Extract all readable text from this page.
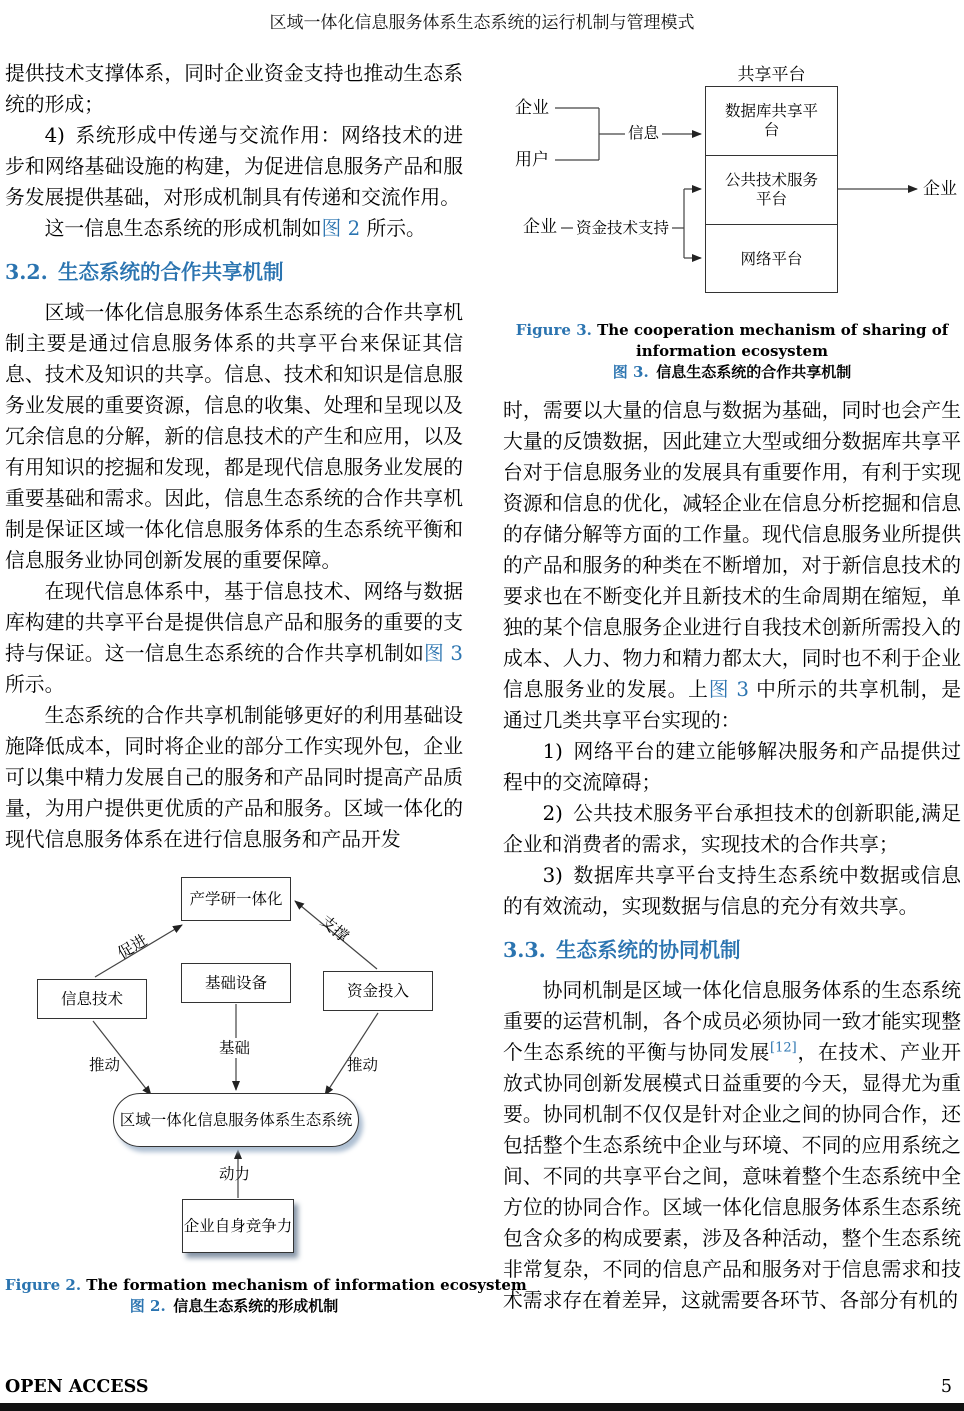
区域一体化信息服务体系生态系统的运行机制与管理模式

提供技术支撑体系，同时企业资金支持也推动生态系统的形成；

4) 系统形成中传递与交流作用：网络技术的进步和网络基础设施的构建，为促进信息服务产品和服务发展提供基础，对形成机制具有传递和交流作用。

这一信息生态系统的形成机制如图 2 所示。

3.2. 生态系统的合作共享机制

区域一体化信息服务体系生态系统的合作共享机制主要是通过信息服务体系的共享平台来保证其信息、技术及知识的共享。信息、技术和知识是信息服务业发展的重要资源，信息的收集、处理和呈现以及冗余信息的分解，新的信息技术的产生和应用，以及有用知识的挖掘和发现，都是现代信息服务业发展的重要基础和需求。因此，信息生态系统的合作共享机制是保证区域一体化信息服务体系的生态系统平衡和信息服务业协同创新发展的重要保障。

在现代信息体系中，基于信息技术、网络与数据库构建的共享平台是提供信息产品和服务的重要的支持与保证。这一信息生态系统的合作共享机制如图 3 所示。

生态系统的合作共享机制能够更好的利用基础设施降低成本，同时将企业的部分工作实现外包，企业可以集中精力发展自己的服务和产品同时提高产品质量，为用户提供更优质的产品和服务。区域一体化的现代信息服务体系在进行信息服务和产品开发

产学研一体化
信息技术
基础设备	资金投入
区域一体化信息服务体系生态系统
企业自身竞争力
促进
支撑
推动
基础
推动
动力
Figure 2. The formation mechanism of information ecosystem
图 2. 信息生态系统的形成机制
共享平台
数据库共享平台
公共技术服务平台
网络平台
企业
用户
信息
企业 资金技术支持
企业
Figure 3. The cooperation mechanism of sharing of information ecosystem
图 3. 信息生态系统的合作共享机制

时，需要以大量的信息与数据为基础，同时也会产生大量的反馈数据，因此建立大型或细分数据库共享平台对于信息服务业的发展具有重要作用，有利于实现资源和信息的优化，减轻企业在信息分析挖掘和信息的存储分解等方面的工作量。现代信息服务业所提供的产品和服务的种类在不断增加，对于新信息技术的要求也在不断变化并且新技术的生命周期在缩短，单独的某个信息服务企业进行自我技术创新所需投入的成本、人力、物力和精力都太大，同时也不利于企业信息服务业的发展。上图 3 中所示的共享机制，是通过几类共享平台实现的：

1) 网络平台的建立能够解决服务和产品提供过程中的交流障碍；

2) 公共技术服务平台承担技术的创新职能,满足企业和消费者的需求，实现技术的合作共享；

3) 数据库共享平台支持生态系统中数据或信息的有效流动，实现数据与信息的充分有效共享。

3.3. 生态系统的协同机制

协同机制是区域一体化信息服务体系的生态系统重要的运营机制，各个成员必须协同一致才能实现整个生态系统的平衡与协同发展[12]，在技术、产业开放式协同创新发展模式日益重要的今天，显得尤为重要。协同机制不仅仅是针对企业之间的协同合作，还包括整个生态系统中企业与环境、不同的应用系统之间、不同的共享平台之间，意味着整个生态系统中全方位的协同合作。区域一体化信息服务体系生态系统包含众多的构成要素，涉及各种活动，整个生态系统非常复杂，不同的信息产品和服务对于信息需求和技术需求存在着差异，这就需要各环节、各部分有机的

OPEN ACCESS	5
